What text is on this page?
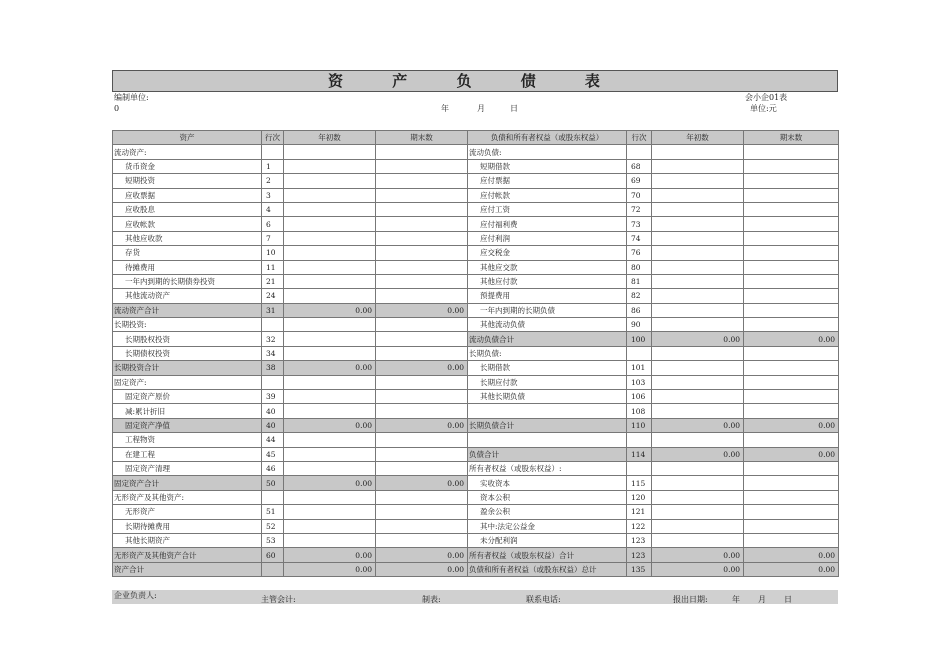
资 产 负 债 表
编制单位:
0
会小企01表
年	月	日	单位:元
资产	行次	年初数	期末数	负债和所有者权益（或股东权益）	行次	年初数	期末数
流动资产:				流动负债:			
货币资金	1			短期借款	68		
短期投资	2			应付票据	69		
应收票据	3			应付帐款	70		
应收股息	4			应付工资	72		
应收帐款	6			应付福利费	73		
其他应收款	7			应付利润	74		
存货	10			应交税金	76		
待摊费用	11			其他应交款	80		
一年内到期的长期债券投资	21			其他应付款	81		
其他流动资产	24			预提费用	82		
流动资产合计	31	0.00	0.00	一年内到期的长期负债	86		
长期投资:				其他流动负债	90		
长期股权投资	32			流动负债合计	100	0.00	0.00
长期债权投资	34			长期负债:			
长期投资合计	38	0.00	0.00	长期借款	101		
固定资产:				长期应付款	103		
固定资产原价	39			其他长期负债	106		
减:累计折旧	40				108		
固定资产净值	40	0.00	0.00	长期负债合计	110	0.00	0.00
工程物资	44						
在建工程	45			负债合计	114	0.00	0.00
固定资产清理	46			所有者权益（或股东权益）:			
固定资产合计	50	0.00	0.00	实收资本	115		
无形资产及其他资产:				资本公积	120		
无形资产	51			盈余公积	121		
长期待摊费用	52			其中:法定公益金	122		
其他长期资产	53			未分配利润	123		
无形资产及其他资产合计	60	0.00	0.00	所有者权益（或股东权益）合计	123	0.00	0.00
资产合计		0.00	0.00	负债和所有者权益（或股东权益）总计	135	0.00	0.00
企业负责人:	主管会计:	制表:	联系电话:	报出日期:	年 月 日
